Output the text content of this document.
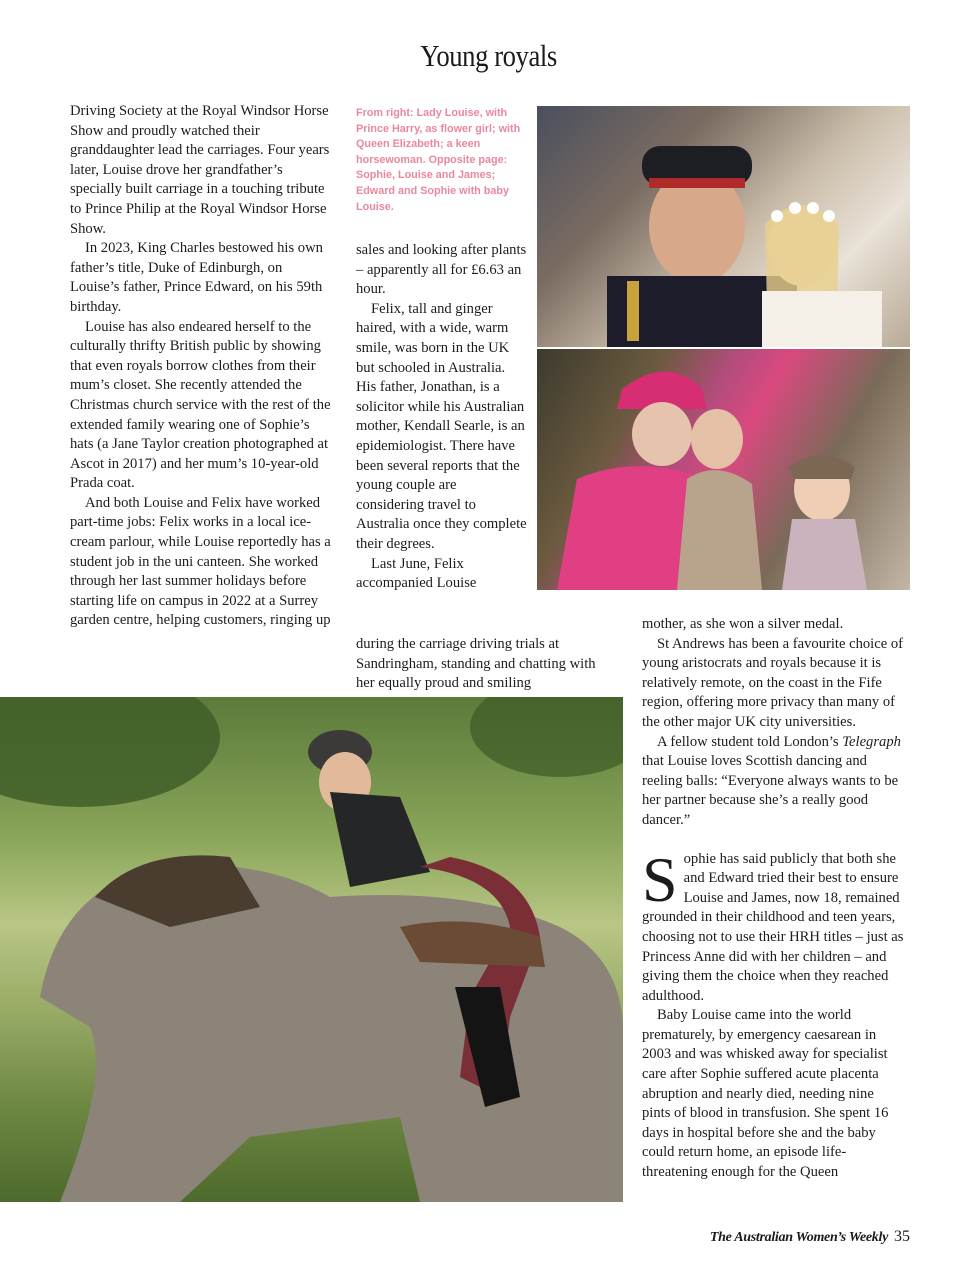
Young royals

Driving Society at the Royal Windsor Horse Show and proudly watched their granddaughter lead the carriages. Four years later, Louise drove her grandfather’s specially built carriage in a touching tribute to Prince Philip at the Royal Windsor Horse Show.

In 2023, King Charles bestowed his own father’s title, Duke of Edinburgh, on Louise’s father, Prince Edward, on his 59th birthday.

Louise has also endeared herself to the culturally thrifty British public by showing that even royals borrow clothes from their mum’s closet. She recently attended the Christmas church service with the rest of the extended family wearing one of Sophie’s hats (a Jane Taylor creation photographed at Ascot in 2017) and her mum’s 10-year-old Prada coat.

And both Louise and Felix have worked part-time jobs: Felix works in a local ice-cream parlour, while Louise reportedly has a student job in the uni canteen. She worked through her last summer holidays before starting life on campus in 2022 at a Surrey garden centre, helping customers, ringing up

From right: Lady Louise, with Prince Harry, as flower girl; with Queen Elizabeth; a keen horsewoman. Opposite page: Sophie, Louise and James; Edward and Sophie with baby Louise.

sales and looking after plants – apparently all for £6.63 an hour.

Felix, tall and ginger haired, with a wide, warm smile, was born in the UK but schooled in Australia. His father, Jonathan, is a solicitor while his Australian mother, Kendall Searle, is an epidemiologist. There have been several reports that the young couple are considering travel to Australia once they complete their degrees.

Last June, Felix accompanied Louise

during the carriage driving trials at Sandringham, standing and chatting with her equally proud and smiling

mother, as she won a silver medal.

St Andrews has been a favourite choice of young aristocrats and royals because it is relatively remote, on the coast in the Fife region, offering more privacy than many of the other major UK city universities.

A fellow student told London’s Telegraph that Louise loves Scottish dancing and reeling balls: “Everyone always wants to be her partner because she’s a really good dancer.”

Sophie has said publicly that both she and Edward tried their best to ensure Louise and James, now 18, remained grounded in their childhood and teen years, choosing not to use their HRH titles – just as Princess Anne did with her children – and giving them the choice when they reached adulthood.

Baby Louise came into the world prematurely, by emergency caesarean in 2003 and was whisked away for specialist care after Sophie suffered acute placenta abruption and nearly died, needing nine pints of blood in transfusion. She spent 16 days in hospital before she and the baby could return home, an episode life-threatening enough for the Queen

The Australian Women’s Weekly 35
